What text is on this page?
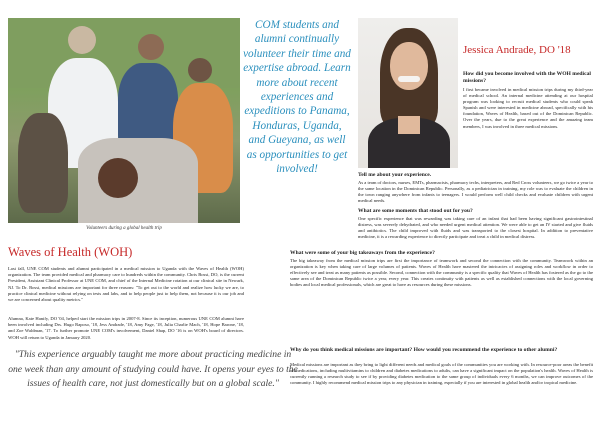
Volunteers during a global health trip
Waves of Health (WOH)
Last fall, UNE COM students and alumni participated in a medical mission to Uganda with the Waves of Health (WOH) organization. The team provided medical and pharmacy care to hundreds within the community. Chris Bossi, DO, is the current President, Assistant Clinical Professor at UNE COM, and chief of the Internal Medicine rotation at our clinical site in Newark, NJ. To Dr. Bossi, medical missions are important for three reasons: "To get out to the world and realize how lucky we are, to practice clinical medicine without relying on tests and labs, and to help people just to help them, not because it is our job and we are concerned about quality metrics."
Alumna, Kate Hanify, DO '04, helped start the mission trips in 2007-8. Since its inception, numerous UNE COM alumni have been involved including Drs. Hugo Raposo, '18, Jess Andrade, '18, Amy Fage, '18, Julia Charlie Mach, '18, Hope Barone, '18, and Zoe Waldman, '17. To further promote UNE COM's involvement, Daniel Shap, DO '16 is on WOH's board of directors. WOH will return to Uganda in January 2020.
"This experience arguably taught me more about practicing medicine in one week than any amount of studying could have. It opens your eyes to the issues of health care, not just domestically but on a global scale."
COM students and alumni continually volunteer their time and expertise abroad. Learn more about recent experiences and expeditions to Panama, Honduras, Uganda, and Gueyana, as well as opportunities to get involved!
Jessica Andrade, DO '18
How did you become involved with the WOH medical missions?
I first became involved in medical mission trips during my third-year of medical school. An internal medicine attending at our hospital program was looking to recruit medical students who could speak Spanish and were interested in medicine abroad, specifically with his foundation, Waves of Health, based out of the Dominican Republic. Over the years, due to the great experience and the amazing team members, I was involved in three medical missions.
Tell me about your experience.
As a team of doctors, nurses, EMTs, pharmacists, pharmacy techs, interpreters, and Red Cross volunteers, we go twice a year to the same location in the Dominican Republic. Personally, as a pediatrician in training, my role was to evaluate the children in the town ranging anywhere from infants to teenagers. I would perform well child checks and evaluate children with urgent medical needs.
What are some moments that stood out for you?
One specific experience that was rewarding was taking care of an infant that had been having significant gastrointestinal distress, was severely dehydrated, and who needed urgent medical attention. We were able to get an IV started and give fluids and antibiotics. The child improved with fluids and was transported to the closest hospital. In addition to preventative medicine, it is a rewarding experience to directly participate and treat a child in medical distress.
What were some of your big takeaways from the experience?
The big takeaway from the medical mission trips are first the importance of teamwork and second the connection with the community. Teamwork within an organization is key when taking care of large volumes of patients. Waves of Health have mastered the intricacies of assigning roles and workflow in order to effectively see and treat as many patients as possible. Second, connection with the community is a specific quality that Waves of Health has fostered as the go to the same area of the Dominican Republic twice a year, every year. This creates continuity with patients as well as established connections with the local governing bodies and local medical professionals, which are great to have as resources during these missions.
Why do you think medical missions are important? How would you recommend the experience to other alumni?
Medical missions are important as they bring to light different needs and medical goals of the communities you are working with. In resource-poor areas the benefit of medications, including multivitamins to children and diabetes medications to adults, can have a significant impact on the population's health. Waves of Health is currently running a research study to see if by providing diabetes medication to the same group of individuals every 6 months, we can improve outcomes of the community. I highly recommend medical mission trips to any physician in training, especially if you are interested in global health and/or tropical medicine.
